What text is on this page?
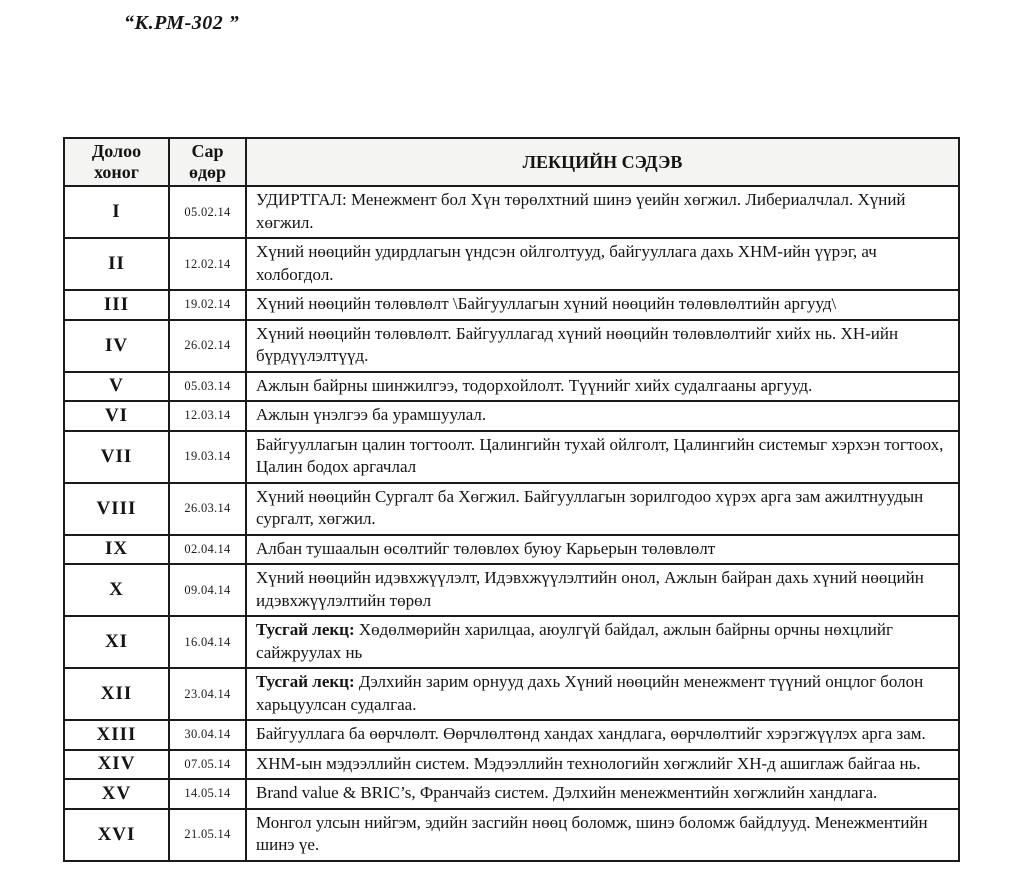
“К.РМ-302 ”
Долоо хоног	Сар өдөр	ЛЕКЦИЙН СЭДЭВ
I	05.02.14	УДИРТГАЛ: Менежмент бол Хүн төрөлхтний шинэ үеийн хөгжил. Либериалчлал. Хүний хөгжил.
II	12.02.14	Хүний нөөцийн удирдлагын үндсэн ойлголтууд, байгууллага дахь ХНМ-ийн үүрэг, ач холбогдол.
III	19.02.14	Хүний нөөцийн төлөвлөлт \Байгууллагын хүний нөөцийн төлөвлөлтийн аргууд\
IV	26.02.14	Хүний нөөцийн төлөвлөлт. Байгууллагад хүний нөөцийн төлөвлөлтийг хийх нь. ХН-ийн бүрдүүлэлтүүд.
V	05.03.14	Ажлын байрны шинжилгээ, тодорхойлолт. Түүнийг хийх судалгааны аргууд.
VI	12.03.14	Ажлын үнэлгээ ба урамшуулал.
VII	19.03.14	Байгууллагын цалин тогтоолт. Цалингийн тухай ойлголт, Цалингийн системыг хэрхэн тогтоох, Цалин бодох аргачлал
VIII	26.03.14	Хүний нөөцийн Сургалт ба Хөгжил. Байгууллагын зорилгодоо хүрэх арга зам ажилтнуудын сургалт, хөгжил.
IX	02.04.14	Албан тушаалын өсөлтийг төлөвлөх буюу Карьерын төлөвлөлт
X	09.04.14	Хүний нөөцийн идэвхжүүлэлт, Идэвхжүүлэлтийн онол, Ажлын байран дахь хүний нөөцийн идэвхжүүлэлтийн төрөл
XI	16.04.14	Тусгай лекц: Хөдөлмөрийн харилцаа, аюулгүй байдал, ажлын байрны орчны нөхцлийг сайжруулах нь
XII	23.04.14	Тусгай лекц: Дэлхийн зарим орнууд дахь Хүний нөөцийн менежмент түүний онцлог болон харьцуулсан судалгаа.
XIII	30.04.14	Байгууллага ба өөрчлөлт. Өөрчлөлтөнд хандах хандлага, өөрчлөлтийг хэрэгжүүлэх арга зам.
XIV	07.05.14	ХНМ-ын мэдээллийн систем. Мэдээллийн технологийн хөгжлийг ХН-д ашиглаж байгаа нь.
XV	14.05.14	Brand value & BRIC’s, Франчайз систем. Дэлхийн менежментийн хөгжлийн хандлага.
XVI	21.05.14	Монгол улсын нийгэм, эдийн засгийн нөөц боломж, шинэ боломж байдлууд. Менежментийн шинэ үе.
